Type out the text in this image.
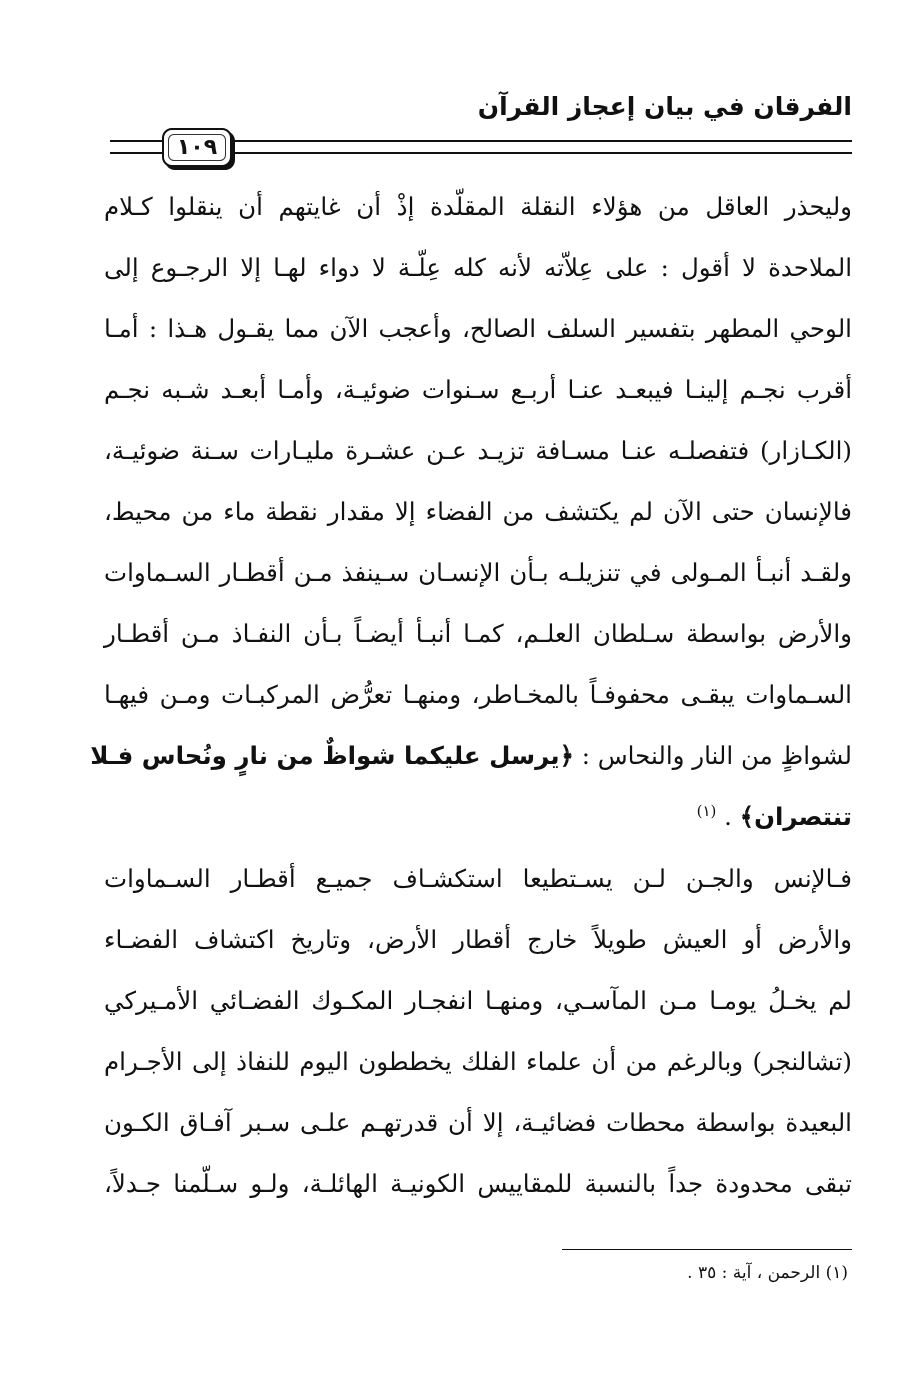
الفرقان في بيان إعجاز القرآن
١٠٩
وليحذر العاقل من هؤلاء النقلة المقلّدة إذْ أن غايتهم أن ينقلوا كـلام
الملاحدة لا أقول : على عِلاّته لأنه كله عِلّـة لا دواء لهـا إلا الرجـوع إلى
الوحي المطهر بتفسير السلف الصالح، وأعجب الآن مما يقـول هـذا : أمـا
أقرب نجـم إلينـا فيبعـد عنـا أربـع سـنوات ضوئيـة، وأمـا أبعـد شـبه نجـم
(الكـازار) فتفصلـه عنـا مسـافة تزيـد عـن عشـرة مليـارات سـنة ضوئيـة،
فالإنسان حتى الآن لم يكتشف من الفضاء إلا مقدار نقطة ماء من محيط،
ولقـد أنبـأ المـولى في تنزيلـه بـأن الإنسـان سـينفذ مـن أقطـار السـماوات
والأرض بواسطة سـلطان العلـم، كمـا أنبـأ أيضـاً بـأن النفـاذ مـن أقطـار
السـماوات يبقـى محفوفـاً بالمخـاطر، ومنهـا تعرُّض المركبـات ومـن فيهـا
لشواظٍ من النار والنحاس : ﴿يرسل عليكما شواظٌ من نارٍ ونُحاس فـلا
تنتصران﴾ . $^{(١)}$
فـالإنس والجـن لـن يسـتطيعا استكشـاف جميـع أقطـار السـماوات
والأرض أو العيش طويلاً خارج أقطار الأرض، وتاريخ اكتشاف الفضـاء
لم يخـلُ يومـا مـن المآسـي، ومنهـا انفجـار المكـوك الفضـائي الأمـيركي
(تشالنجر) وبالرغم من أن علماء الفلك يخططون اليوم للنفاذ إلى الأجـرام
البعيدة بواسطة محطات فضائيـة، إلا أن قدرتهـم علـى سـبر آفـاق الكـون
تبقى محدودة جداً بالنسبة للمقاييس الكونيـة الهائلـة، ولـو سـلّمنا جـدلاً،
(١) الرحمن ، آية : ٣٥ .
